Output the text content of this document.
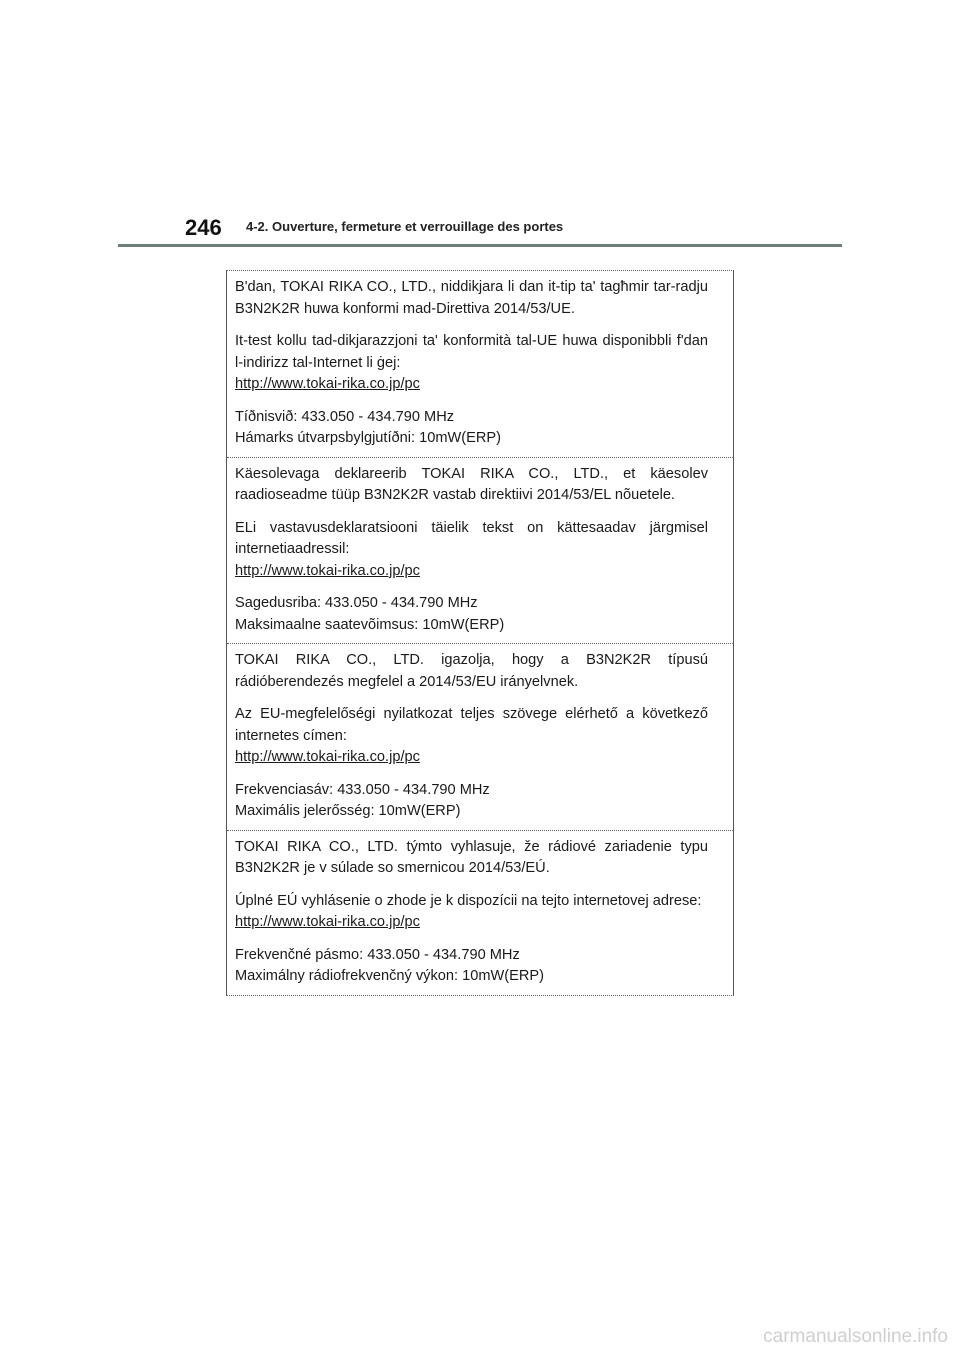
246 4-2. Ouverture, fermeture et verrouillage des portes

B'dan, TOKAI RIKA CO., LTD., niddikjara li dan it-tip ta' tagħmir tar-radju B3N2K2R huwa konformi mad-Direttiva 2014/53/UE.

It-test kollu tad-dikjarazzjoni ta' konformità tal-UE huwa disponibbli f'dan l-indirizz tal-Internet li ġej:
http://www.tokai-rika.co.jp/pc

Tíðnisvið: 433.050 - 434.790 MHz
Hámarks útvarpsbylgjutíðni: 10mW(ERP)

Käesolevaga deklareerib TOKAI RIKA CO., LTD., et käesolev raadioseadme tüüp B3N2K2R vastab direktiivi 2014/53/EL nõuetele.

ELi vastavusdeklaratsiooni täielik tekst on kättesaadav järgmisel internetiaadressil:
http://www.tokai-rika.co.jp/pc

Sagedusriba: 433.050 - 434.790 MHz
Maksimaalne saatevõimsus: 10mW(ERP)

TOKAI RIKA CO., LTD. igazolja, hogy a B3N2K2R típusú rádióberendezés megfelel a 2014/53/EU irányelvnek.

Az EU-megfelelőségi nyilatkozat teljes szövege elérhető a következő internetes címen:
http://www.tokai-rika.co.jp/pc

Frekvenciasáv: 433.050 - 434.790 MHz
Maximális jelerősség: 10mW(ERP)

TOKAI RIKA CO., LTD. týmto vyhlasuje, že rádiové zariadenie typu B3N2K2R je v súlade so smernicou 2014/53/EÚ.

Úplné EÚ vyhlásenie o zhode je k dispozícii na tejto internetovej adrese:
http://www.tokai-rika.co.jp/pc

Frekvenčné pásmo: 433.050 - 434.790 MHz
Maximálny rádiofrekvenčný výkon: 10mW(ERP)

carmanualsonline.info
